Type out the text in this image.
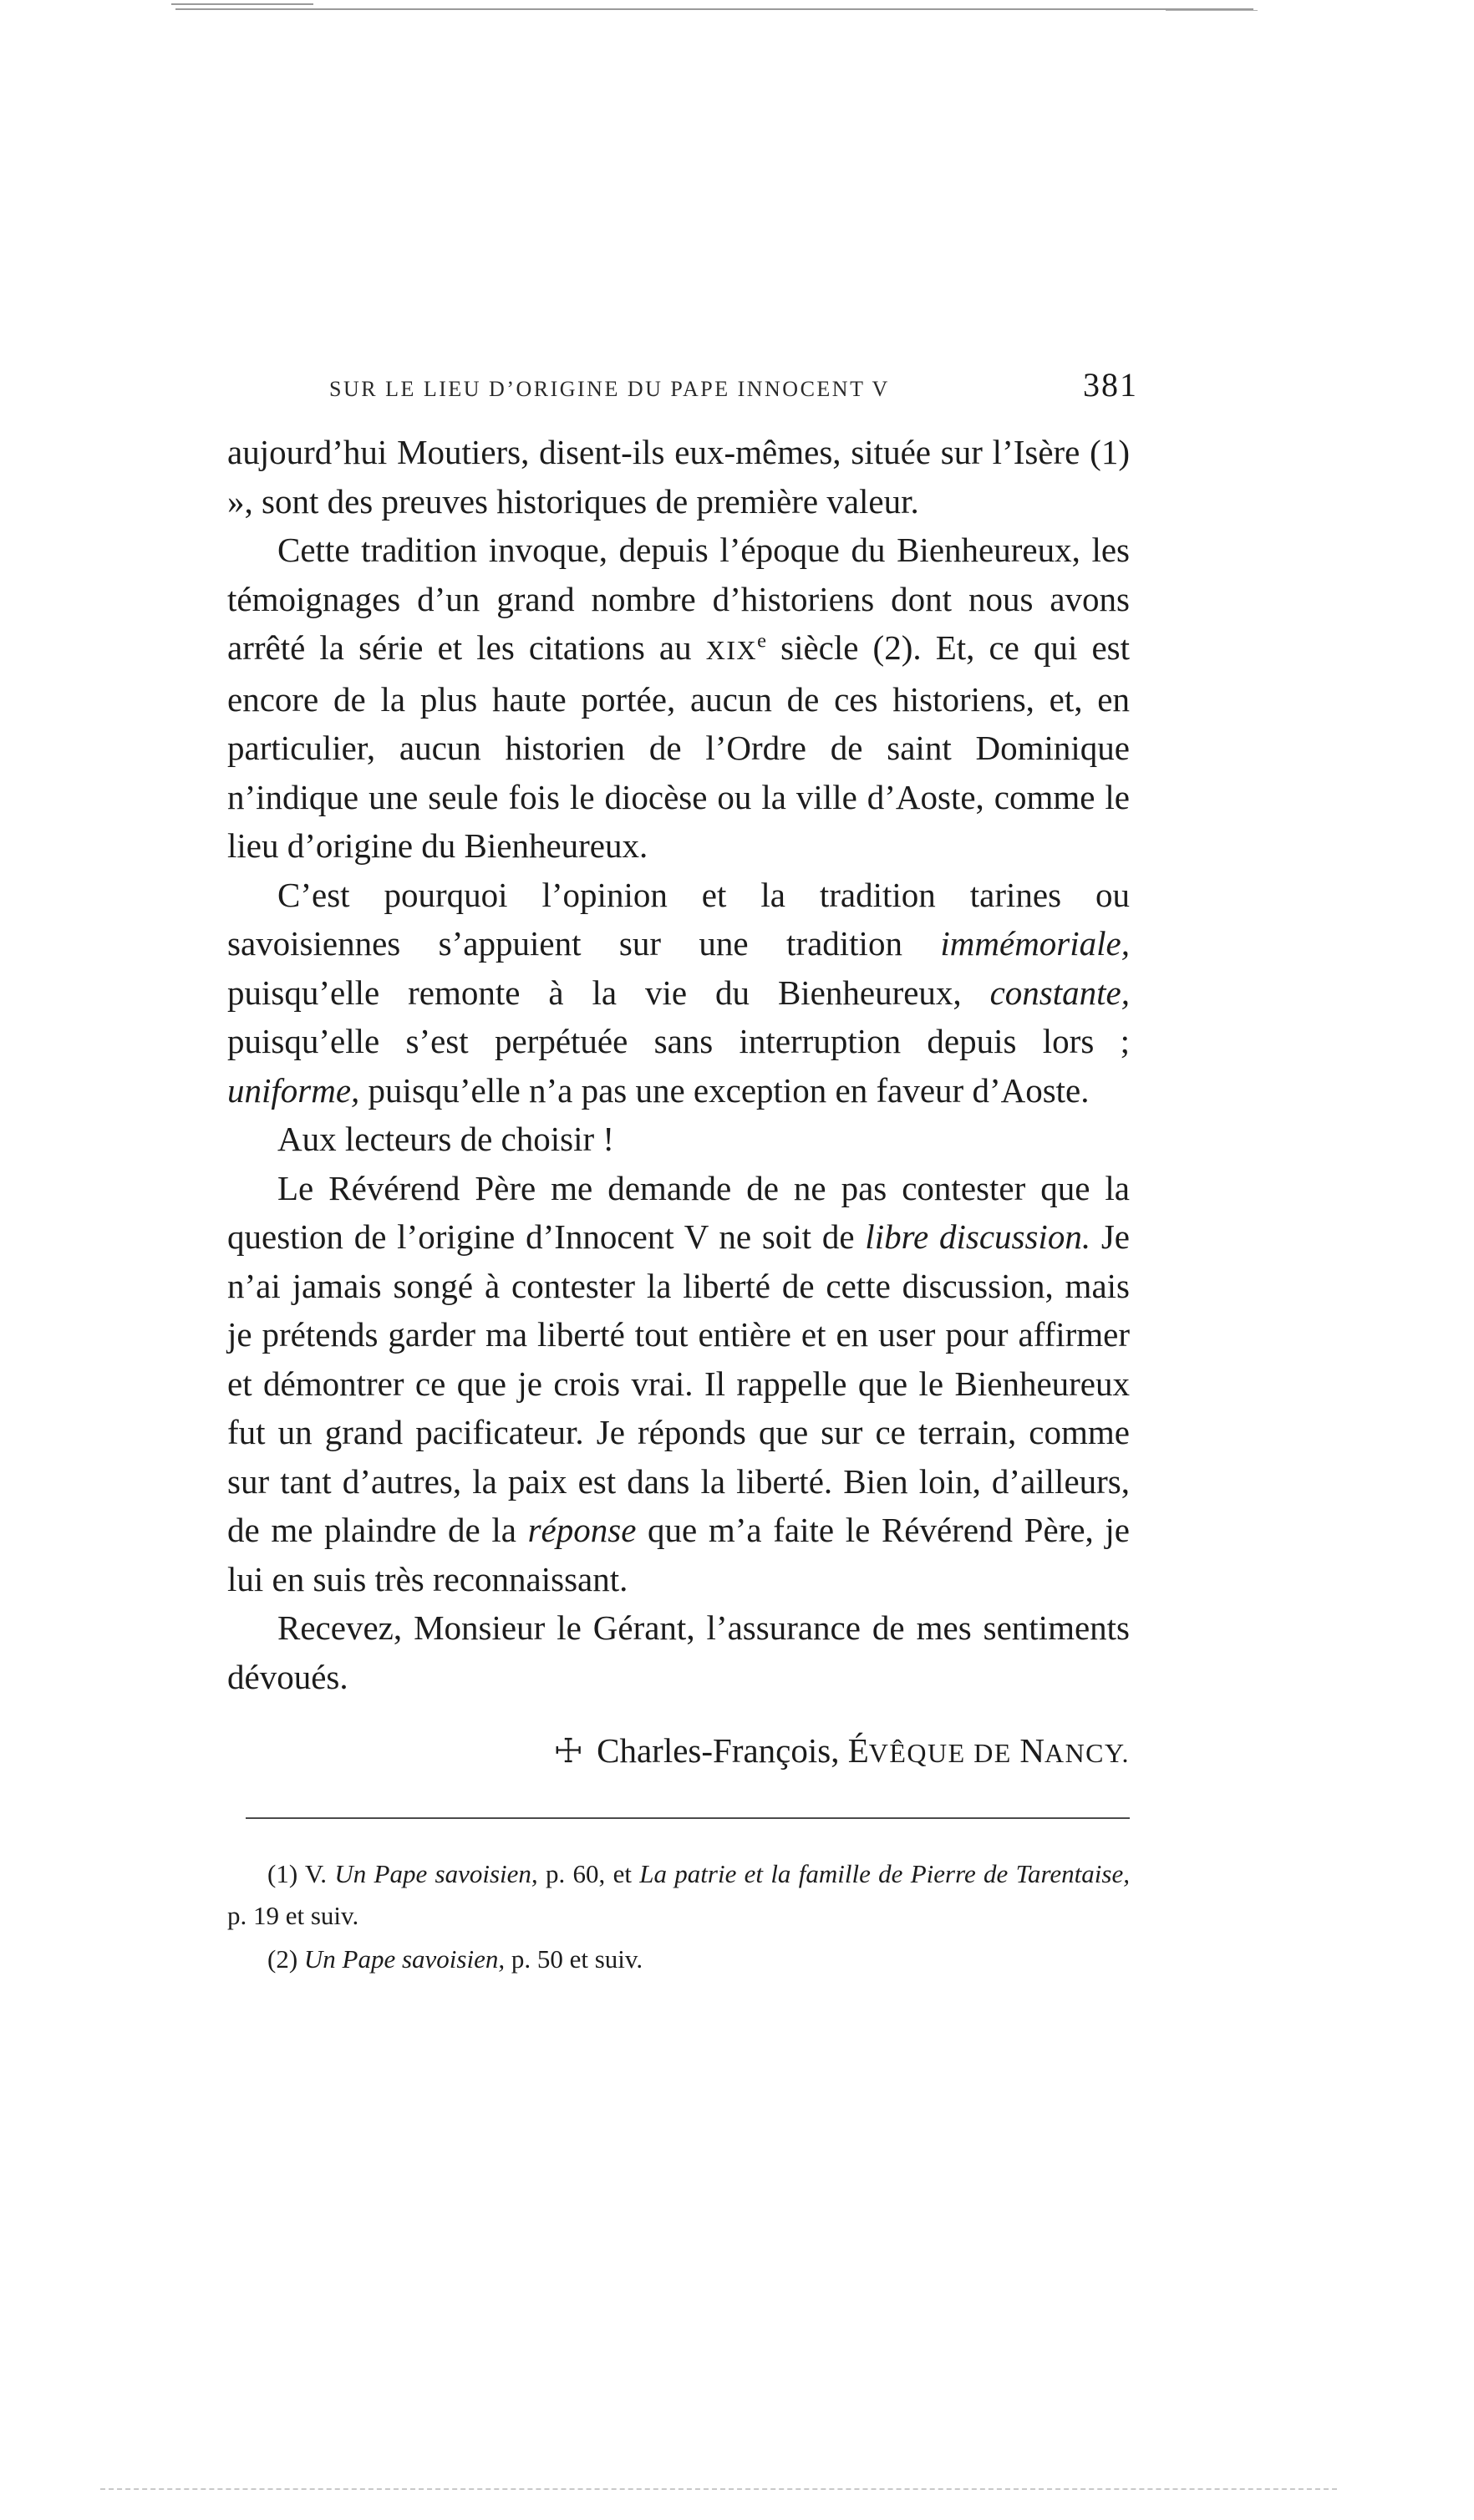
SUR LE LIEU D’ORIGINE DU PAPE INNOCENT V	381

aujourd’hui Moutiers, disent-ils eux-mêmes, située sur l’Isère (1) », sont des preuves historiques de première valeur.

Cette tradition invoque, depuis l’époque du Bienheureux, les témoignages d’un grand nombre d’historiens dont nous avons arrêté la série et les citations au XIXe siècle (2). Et, ce qui est encore de la plus haute portée, aucun de ces historiens, et, en particulier, aucun historien de l’Ordre de saint Dominique n’indique une seule fois le diocèse ou la ville d’Aoste, comme le lieu d’origine du Bienheureux.

C’est pourquoi l’opinion et la tradition tarines ou savoisiennes s’appuient sur une tradition immémoriale, puisqu’elle remonte à la vie du Bienheureux, constante, puisqu’elle s’est perpétuée sans interruption depuis lors ; uniforme, puisqu’elle n’a pas une exception en faveur d’Aoste.

Aux lecteurs de choisir !

Le Révérend Père me demande de ne pas contester que la question de l’origine d’Innocent V ne soit de libre discussion. Je n’ai jamais songé à contester la liberté de cette discussion, mais je prétends garder ma liberté tout entière et en user pour affirmer et démontrer ce que je crois vrai. Il rappelle que le Bienheureux fut un grand pacificateur. Je réponds que sur ce terrain, comme sur tant d’autres, la paix est dans la liberté. Bien loin, d’ailleurs, de me plaindre de la réponse que m’a faite le Révérend Père, je lui en suis très reconnaissant.

Recevez, Monsieur le Gérant, l’assurance de mes sentiments dévoués.

☩ Charles-François, ÉVÊQUE DE NANCY.

(1) V. Un Pape savoisien, p. 60, et La patrie et la famille de Pierre de Tarentaise, p. 19 et suiv.

(2) Un Pape savoisien, p. 50 et suiv.
